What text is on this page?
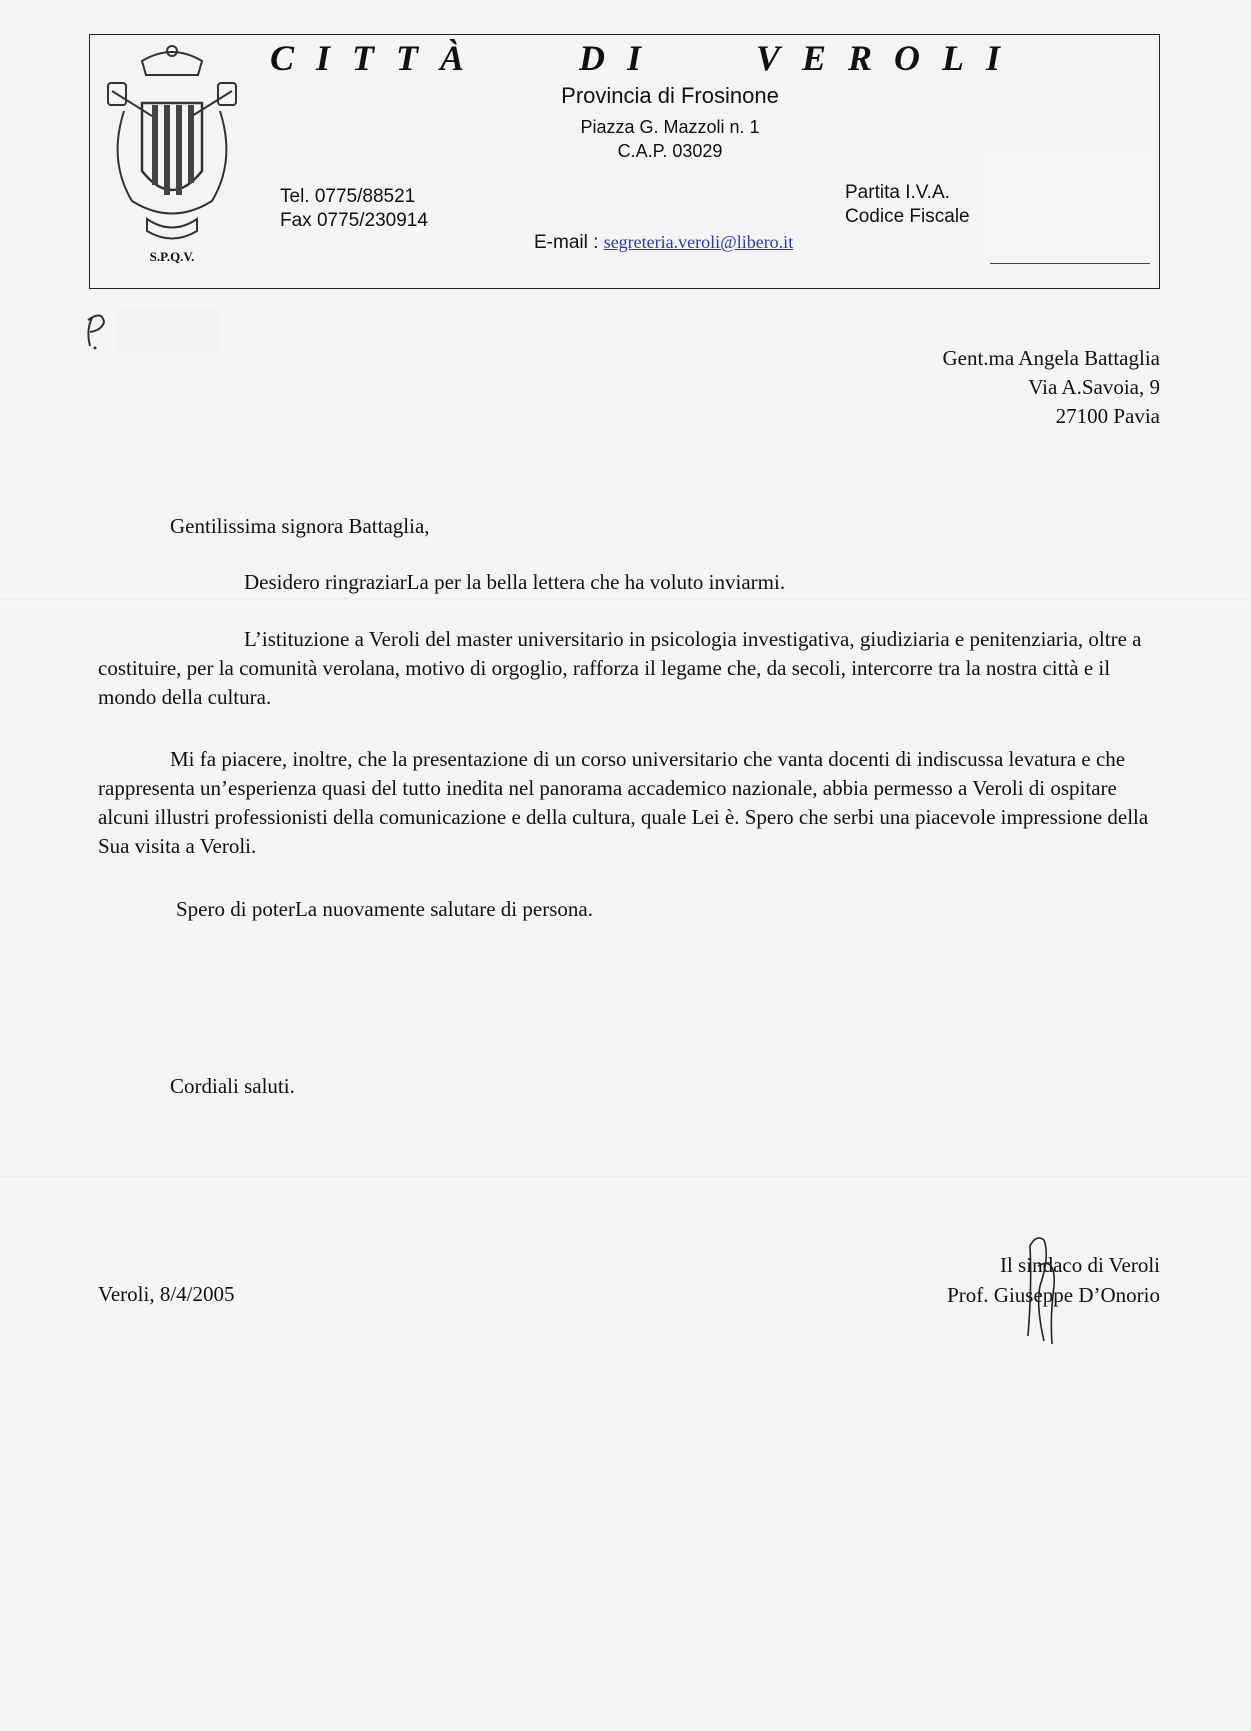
S.P.Q.V.
CITTÀ   DI   VEROLI
Provincia di Frosinone
Piazza G. Mazzoli n. 1
C.A.P. 03029
Tel. 0775/88521
Fax 0775/230914
E-mail : segreteria.veroli@libero.it
Partita I.V.A.
Codice Fiscale
Gent.ma Angela Battaglia
Via A.Savoia, 9
27100 Pavia
Gentilissima signora Battaglia,
Desidero ringraziarLa per la bella lettera che ha voluto inviarmi.
L’istituzione a Veroli del master universitario in psicologia investigativa, giudiziaria e penitenziaria, oltre a costituire, per la comunità verolana, motivo di orgoglio, rafforza il legame che, da secoli, intercorre tra la nostra città e il mondo della cultura.
Mi fa piacere, inoltre, che la presentazione di un corso universitario che vanta docenti di indiscussa levatura e che rappresenta un’esperienza quasi del tutto inedita nel panorama accademico nazionale, abbia permesso a Veroli di ospitare alcuni illustri professionisti della comunicazione e della cultura, quale Lei è. Spero che serbi una piacevole impressione della Sua visita a Veroli.
Spero di poterLa nuovamente salutare di persona.
Cordiali saluti.
Veroli, 8/4/2005
Il sindaco di Veroli
Prof. Giuseppe D’Onorio
